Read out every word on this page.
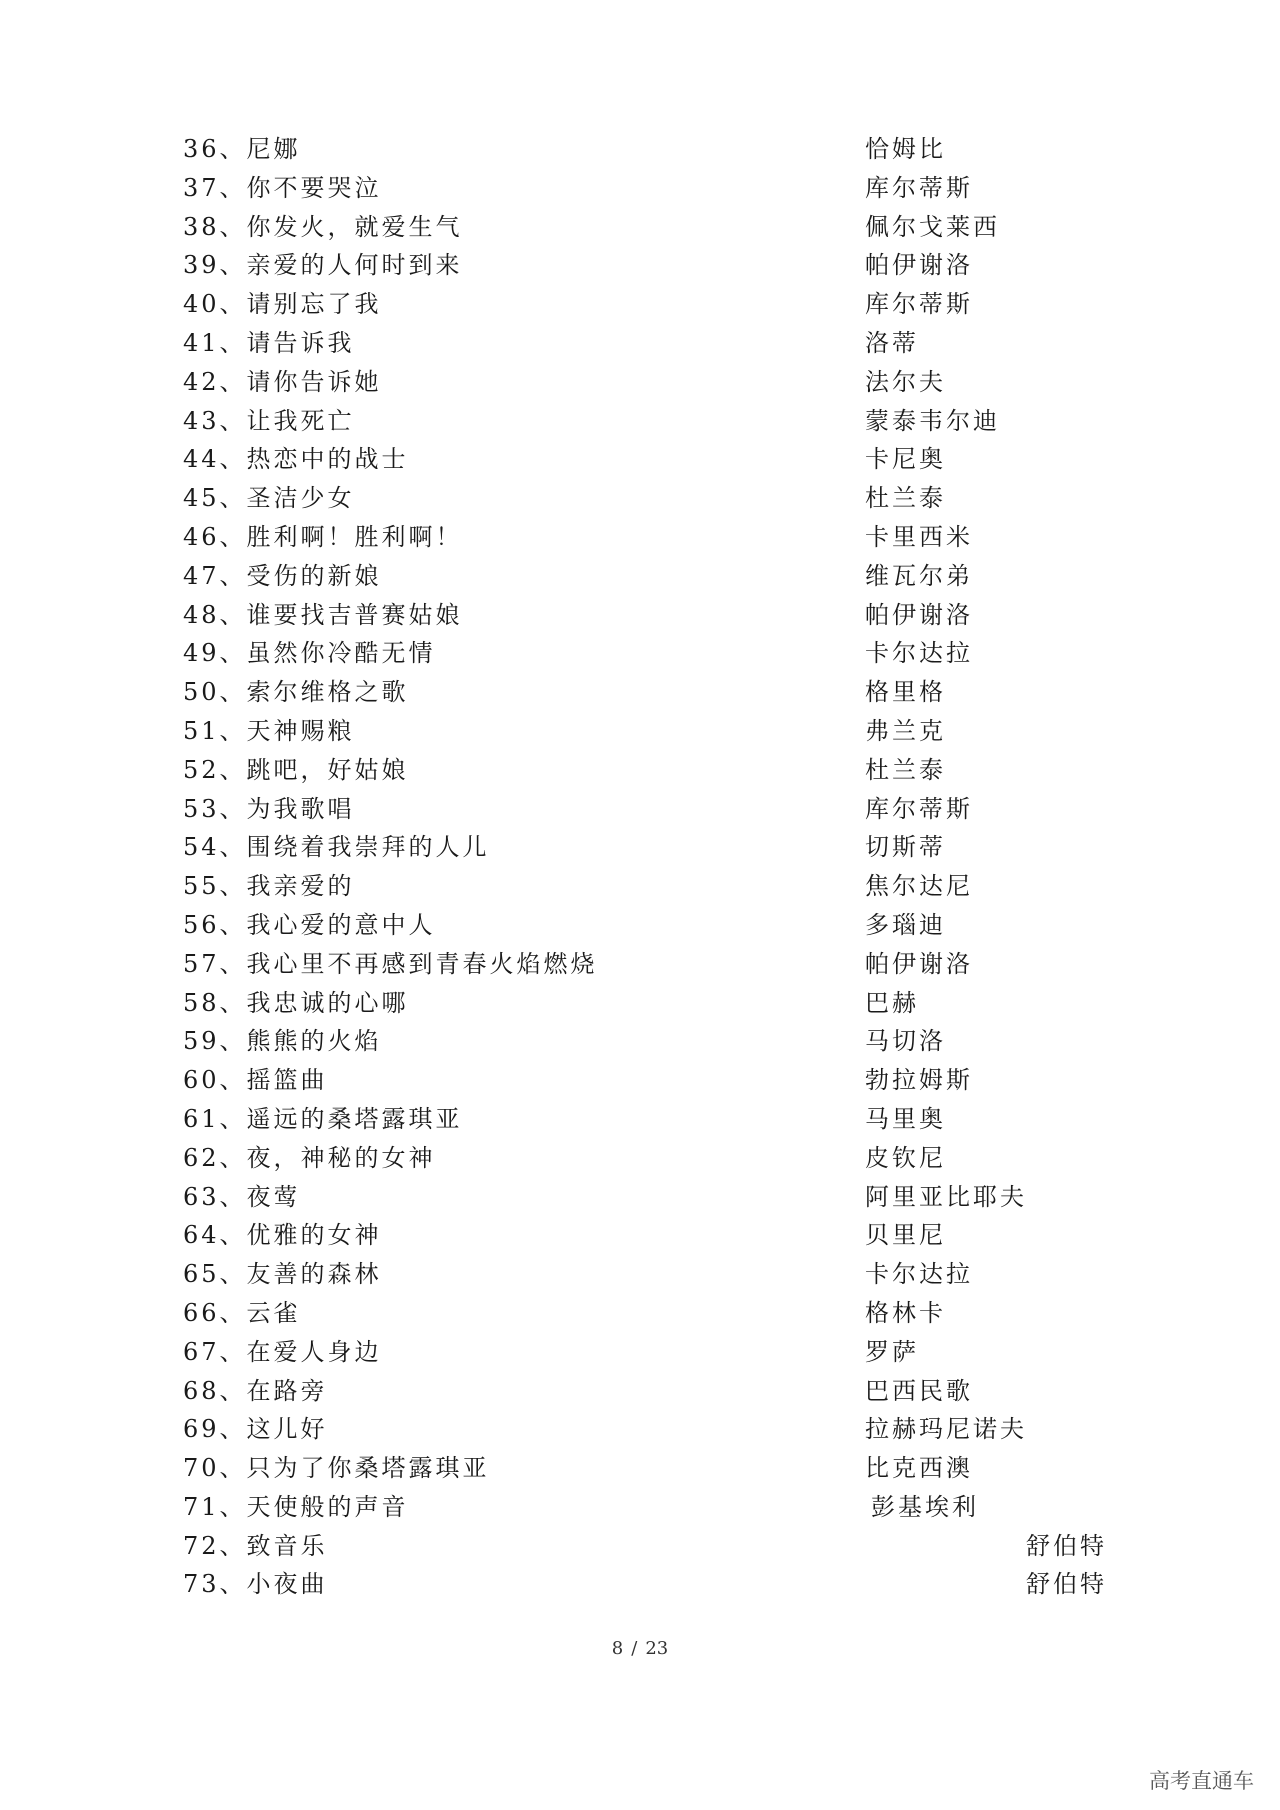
36、尼娜	恰姆比
37、你不要哭泣	库尔蒂斯
38、你发火，就爱生气	佩尔戈莱西
39、亲爱的人何时到来	帕伊谢洛
40、请别忘了我	库尔蒂斯
41、请告诉我	洛蒂
42、请你告诉她	法尔夫
43、让我死亡	蒙泰韦尔迪
44、热恋中的战士	卡尼奥
45、圣洁少女	杜兰泰
46、胜利啊！胜利啊！	卡里西米
47、受伤的新娘	维瓦尔弟
48、谁要找吉普赛姑娘	帕伊谢洛
49、虽然你冷酷无情	卡尔达拉
50、索尔维格之歌	格里格
51、天神赐粮	弗兰克
52、跳吧，好姑娘	杜兰泰
53、为我歌唱	库尔蒂斯
54、围绕着我崇拜的人儿	切斯蒂
55、我亲爱的	焦尔达尼
56、我心爱的意中人	多瑙迪
57、我心里不再感到青春火焰燃烧	帕伊谢洛
58、我忠诚的心哪	巴赫
59、熊熊的火焰	马切洛
60、摇篮曲	勃拉姆斯
61、遥远的桑塔露琪亚	马里奥
62、夜，神秘的女神	皮钦尼
63、夜莺	阿里亚比耶夫
64、优雅的女神	贝里尼
65、友善的森林	卡尔达拉
66、云雀	格林卡
67、在爱人身边	罗萨
68、在路旁	巴西民歌
69、这儿好	拉赫玛尼诺夫
70、只为了你桑塔露琪亚	比克西澳
71、天使般的声音	彭基埃利
72、致音乐	舒伯特
73、小夜曲	舒伯特
8 / 23
高考直通车
